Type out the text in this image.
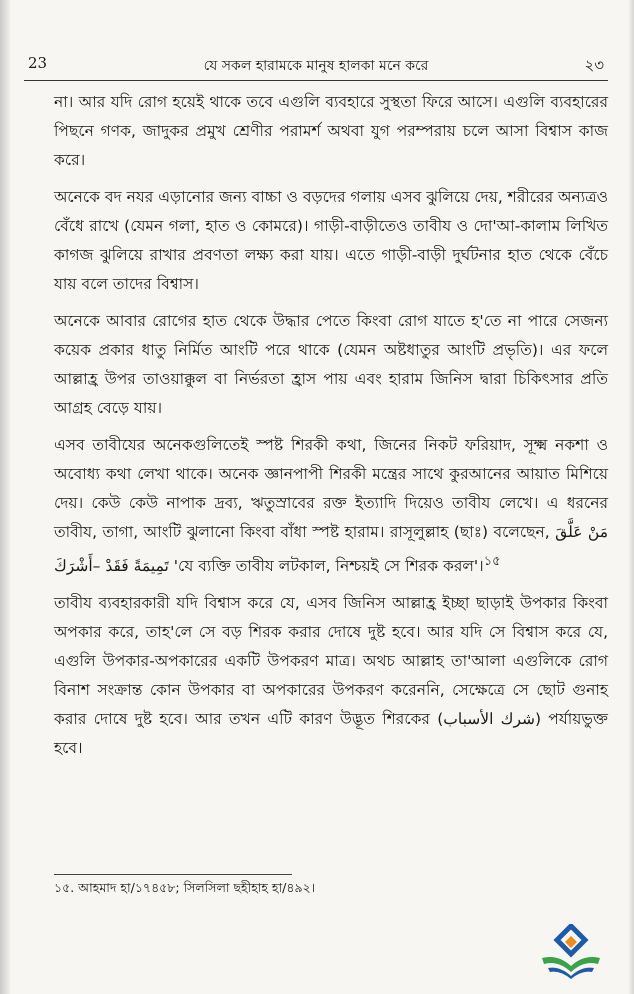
23	যে সকল হারামকে মানুষ হালকা মনে করে	২৩

না। আর যদি রোগ হয়েই থাকে তবে এগুলি ব্যবহারে সুস্থতা ফিরে আসে। এগুলি ব্যবহারের পিছনে গণক, জাদুকর প্রমুখ শ্রেণীর পরামর্শ অথবা যুগ পরম্পরায় চলে আসা বিশ্বাস কাজ করে।

অনেকে বদ নযর এড়ানোর জন্য বাচ্চা ও বড়দের গলায় এসব ঝুলিয়ে দেয়, শরীরের অন্যত্রও বেঁধে রাখে (যেমন গলা, হাত ও কোমরে)। গাড়ী-বাড়ীতেও তাবীয ও দো'আ-কালাম লিখিত কাগজ ঝুলিয়ে রাখার প্রবণতা লক্ষ্য করা যায়। এতে গাড়ী-বাড়ী দুর্ঘটনার হাত থেকে বেঁচে যায় বলে তাদের বিশ্বাস।

অনেকে আবার রোগের হাত থেকে উদ্ধার পেতে কিংবা রোগ যাতে হ'তে না পারে সেজন্য কয়েক প্রকার ধাতু নির্মিত আংটি পরে থাকে (যেমন অষ্টধাতুর আংটি প্রভৃতি)। এর ফলে আল্লাহ্র উপর তাওয়াক্কুল বা নির্ভরতা হ্রাস পায় এবং হারাম জিনিস দ্বারা চিকিৎসার প্রতি আগ্রহ বেড়ে যায়।

এসব তাবীযের অনেকগুলিতেই স্পষ্ট শিরকী কথা, জিনের নিকট ফরিয়াদ, সূক্ষ্ম নকশা ও অবোধ্য কথা লেখা থাকে। অনেক জ্ঞানপাপী শিরকী মন্ত্রের সাথে কুরআনের আয়াত মিশিয়ে দেয়। কেউ কেউ নাপাক দ্রব্য, ঋতুস্রাবের রক্ত ইত্যাদি দিয়েও তাবীয লেখে। এ ধরনের তাবীয, তাগা, আংটি ঝুলানো কিংবা বাঁধা স্পষ্ট হারাম। রাসূলুল্লাহ (ছাঃ) বলেছেন, مَنْ عَلَّقَ تَمِيمَةً فَقَدْ –أَشْرَكَ	'যে ব্যক্তি তাবীয লটকাল, নিশ্চয়ই সে শিরক করল'।$^{১৫}$

তাবীয ব্যবহারকারী যদি বিশ্বাস করে যে, এসব জিনিস আল্লাহ্র ইচ্ছা ছাড়াই উপকার কিংবা অপকার করে, তাহ'লে সে বড় শিরক করার দোষে দুষ্ট হবে। আর যদি সে বিশ্বাস করে যে, এগুলি উপকার-অপকারের একটি উপকরণ মাত্র। অথচ আল্লাহ তা'আলা এগুলিকে রোগ বিনাশ সংক্রান্ত কোন উপকার বা অপকারের উপকরণ করেননি, সেক্ষেত্রে সে ছোট গুনাহ করার দোষে দুষ্ট হবে। আর তখন এটি কারণ উদ্ভূত শিরকের (شرك الأسباب) পর্যায়ভুক্ত হবে।

১৫. আহমাদ হা/১৭৪৫৮; সিলসিলা ছহীহাহ হা/৪৯২।
